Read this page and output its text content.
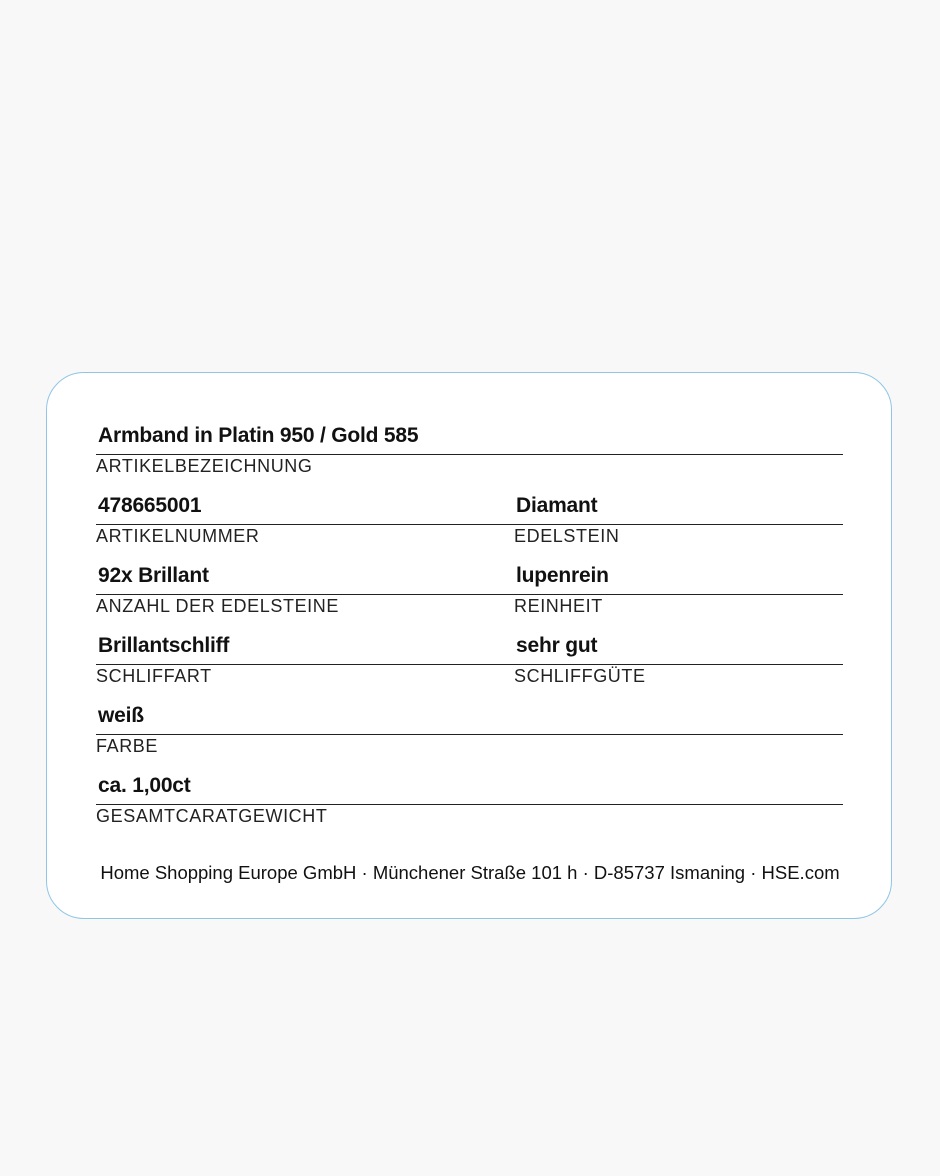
Armband in Platin 950 / Gold 585
ARTIKELBEZEICHNUNG
478665001
ARTIKELNUMMER
Diamant
EDELSTEIN
92x Brillant
ANZAHL DER EDELSTEINE
lupenrein
REINHEIT
Brillantschliff
SCHLIFFART
sehr gut
SCHLIFFGÜTE
weiß
FARBE
ca. 1,00ct
GESAMTCARATGEWICHT
Home Shopping Europe GmbH · Münchener Straße 101 h · D-85737 Ismaning · HSE.com
